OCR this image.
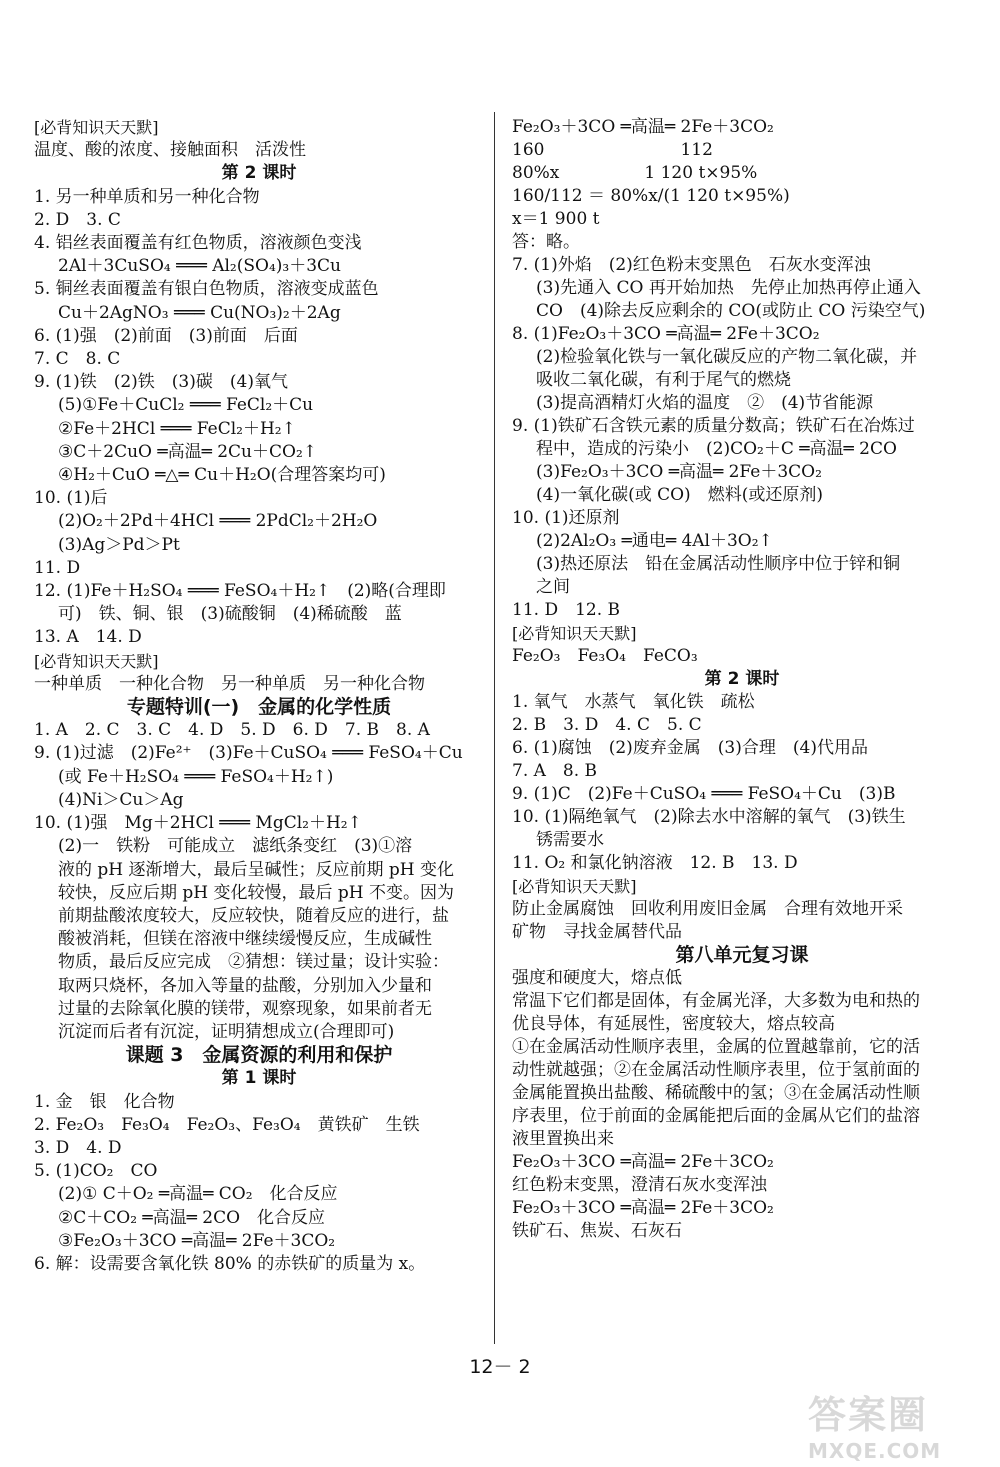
[必背知识天天默]
温度、酸的浓度、接触面积　活泼性
第 2 课时
1. 另一种单质和另一种化合物
2. D　3. C
4. 铝丝表面覆盖有红色物质，溶液颜色变浅
2Al＋3CuSO₄ ═══ Al₂(SO₄)₃＋3Cu
5. 铜丝表面覆盖有银白色物质，溶液变成蓝色
Cu＋2AgNO₃ ═══ Cu(NO₃)₂＋2Ag
6. (1)强　(2)前面　(3)前面　后面
7. C　8. C
9. (1)铁　(2)铁　(3)碳　(4)氧气
(5)①Fe＋CuCl₂ ═══ FeCl₂＋Cu
②Fe＋2HCl ═══ FeCl₂＋H₂↑
③C＋2CuO ═高温═ 2Cu＋CO₂↑
④H₂＋CuO ═△═ Cu＋H₂O(合理答案均可)
10. (1)后
(2)O₂＋2Pd＋4HCl ═══ 2PdCl₂＋2H₂O
(3)Ag＞Pd＞Pt
11. D
12. (1)Fe＋H₂SO₄ ═══ FeSO₄＋H₂↑　(2)略(合理即
可)　铁、铜、银　(3)硫酸铜　(4)稀硫酸　蓝
13. A　14. D
[必背知识天天默]
一种单质　一种化合物　另一种单质　另一种化合物
专题特训(一)　金属的化学性质
1. A　2. C　3. C　4. D　5. D　6. D　7. B　8. A
9. (1)过滤　(2)Fe²⁺　(3)Fe＋CuSO₄ ═══ FeSO₄＋Cu
(或 Fe＋H₂SO₄ ═══ FeSO₄＋H₂↑)
(4)Ni＞Cu＞Ag
10. (1)强　Mg＋2HCl ═══ MgCl₂＋H₂↑
(2)一　铁粉　可能成立　滤纸条变红　(3)①溶
液的 pH 逐渐增大，最后呈碱性；反应前期 pH 变化
较快，反应后期 pH 变化较慢，最后 pH 不变。因为
前期盐酸浓度较大，反应较快，随着反应的进行，盐
酸被消耗，但镁在溶液中继续缓慢反应，生成碱性
物质，最后反应完成　②猜想：镁过量；设计实验：
取两只烧杯，各加入等量的盐酸，分别加入少量和
过量的去除氧化膜的镁带，观察现象，如果前者无
沉淀而后者有沉淀，证明猜想成立(合理即可)
课题 3　金属资源的利用和保护
第 1 课时
1. 金　银　化合物
2. Fe₂O₃　Fe₃O₄　Fe₂O₃、Fe₃O₄　黄铁矿　生铁
3. D　4. D
5. (1)CO₂　CO
(2)① C＋O₂ ═高温═ CO₂　化合反应
②C＋CO₂ ═高温═ 2CO　化合反应
③Fe₂O₃＋3CO ═高温═ 2Fe＋3CO₂
6. 解：设需要含氧化铁 80% 的赤铁矿的质量为 x。
Fe₂O₃＋3CO ═高温═ 2Fe＋3CO₂
160　　　　　　　　112
80%x　　　　　1 120 t×95%
160/112 ＝ 80%x/(1 120 t×95%)
x＝1 900 t
答：略。
7. (1)外焰　(2)红色粉末变黑色　石灰水变浑浊
(3)先通入 CO 再开始加热　先停止加热再停止通入
CO　(4)除去反应剩余的 CO(或防止 CO 污染空气)
8. (1)Fe₂O₃＋3CO ═高温═ 2Fe＋3CO₂
(2)检验氧化铁与一氧化碳反应的产物二氧化碳，并
吸收二氧化碳，有利于尾气的燃烧
(3)提高酒精灯火焰的温度　②　(4)节省能源
9. (1)铁矿石含铁元素的质量分数高；铁矿石在冶炼过
程中，造成的污染小　(2)CO₂＋C ═高温═ 2CO
(3)Fe₂O₃＋3CO ═高温═ 2Fe＋3CO₂
(4)一氧化碳(或 CO)　燃料(或还原剂)
10. (1)还原剂
(2)2Al₂O₃ ═通电═ 4Al＋3O₂↑
(3)热还原法　铅在金属活动性顺序中位于锌和铜
之间
11. D　12. B
[必背知识天天默]
Fe₂O₃　Fe₃O₄　FeCO₃
第 2 课时
1. 氧气　水蒸气　氧化铁　疏松
2. B　3. D　4. C　5. C
6. (1)腐蚀　(2)废弃金属　(3)合理　(4)代用品
7. A　8. B
9. (1)C　(2)Fe＋CuSO₄ ═══ FeSO₄＋Cu　(3)B
10. (1)隔绝氧气　(2)除去水中溶解的氧气　(3)铁生
锈需要水
11. O₂ 和氯化钠溶液　12. B　13. D
[必背知识天天默]
防止金属腐蚀　回收利用废旧金属　合理有效地开采
矿物　寻找金属替代品
第八单元复习课
强度和硬度大，熔点低
常温下它们都是固体，有金属光泽，大多数为电和热的
优良导体，有延展性，密度较大，熔点较高
①在金属活动性顺序表里，金属的位置越靠前，它的活
动性就越强；②在金属活动性顺序表里，位于氢前面的
金属能置换出盐酸、稀硫酸中的氢；③在金属活动性顺
序表里，位于前面的金属能把后面的金属从它们的盐溶
液里置换出来
Fe₂O₃＋3CO ═高温═ 2Fe＋3CO₂
红色粉末变黑，澄清石灰水变浑浊
Fe₂O₃＋3CO ═高温═ 2Fe＋3CO₂
铁矿石、焦炭、石灰石
12－ 2
答案圈
MXQE.COM
